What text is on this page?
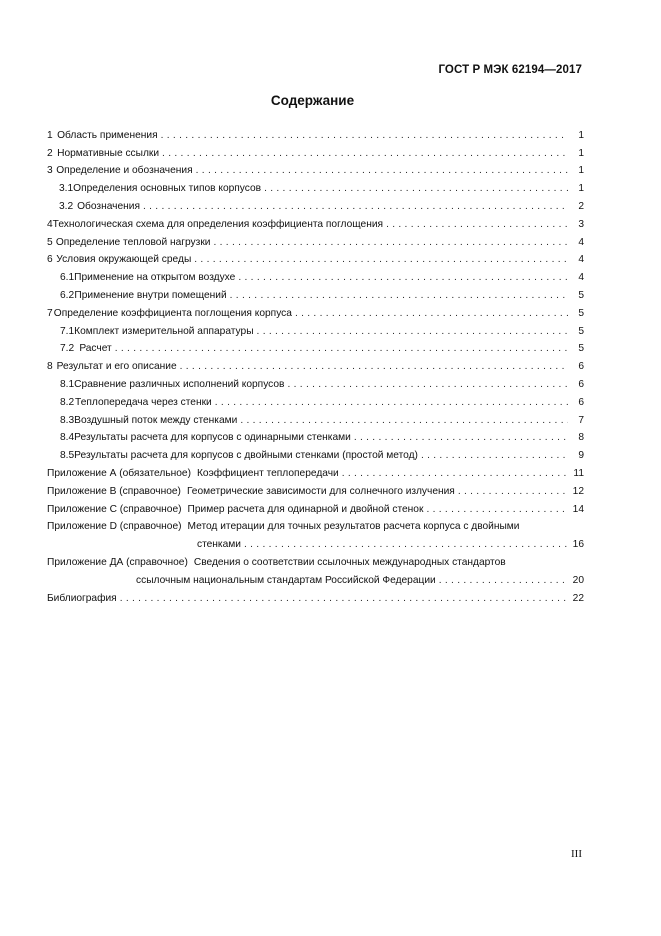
ГОСТ Р МЭК 62194—2017
Содержание
1 Область применения . . .	1
2 Нормативные ссылки . . .	1
3 Определение и обозначения . . .	1
3.1 Определения основных типов корпусов . . .	1
3.2 Обозначения . . .	2
4 Технологическая схема для определения коэффициента поглощения . . .	3
5 Определение тепловой нагрузки . . .	4
6 Условия окружающей среды . . .	4
6.1 Применение на открытом воздухе . . .	4
6.2 Применение внутри помещений . . .	5
7 Определение коэффициента поглощения корпуса . . .	5
7.1 Комплект измерительной аппаратуры . . .	5
7.2 Расчет . . .	5
8 Результат и его описание . . .	6
8.1 Сравнение различных исполнений корпусов . . .	6
8.2 Теплопередача через стенки . . .	6
8.3 Воздушный поток между стенками . . .	7
8.4 Результаты расчета для корпусов с одинарными стенками . . .	8
8.5 Результаты расчета для корпусов с двойными стенками (простой метод) . . .	9
Приложение А (обязательное) Коэффициент теплопередачи . . .	11
Приложение В (справочное) Геометрические зависимости для солнечного излучения . . .	12
Приложение С (справочное) Пример расчета для одинарной и двойной стенок . . .	14
Приложение D (справочное) Метод итерации для точных результатов расчета корпуса с двойными
стенками . . .	16
Приложение ДА (справочное) Сведения о соответствии ссылочных международных стандартов
ссылочным национальным стандартам Российской Федерации . . .	20
Библиография . . .	22
III
